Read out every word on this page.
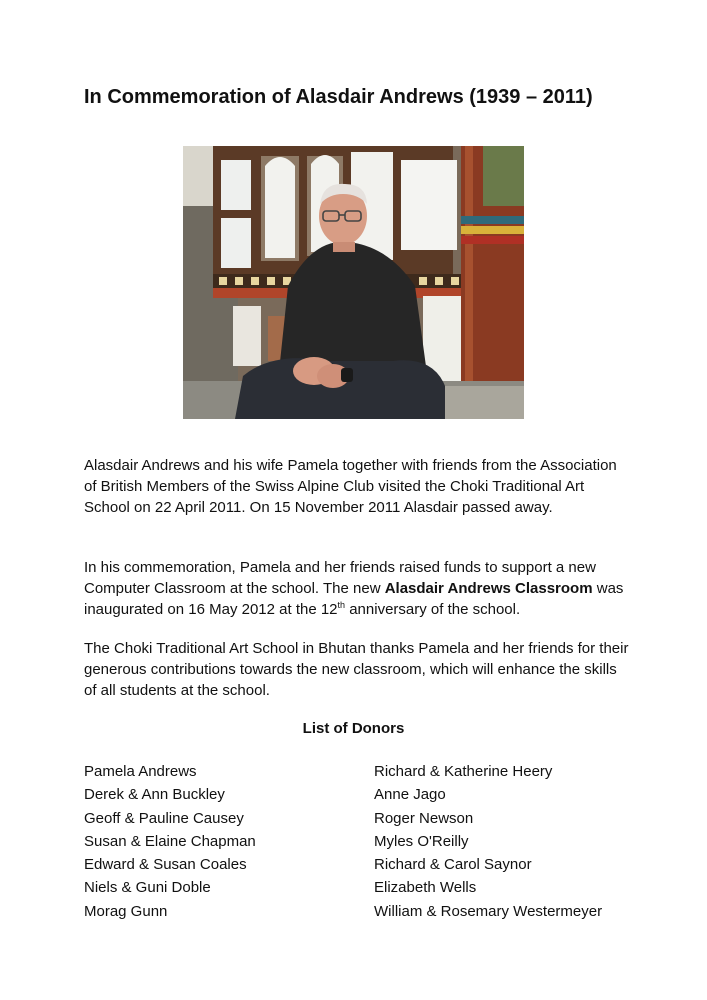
In Commemoration of Alasdair Andrews (1939 – 2011)

Alasdair Andrews and his wife Pamela together with friends from the Association of British Members of the Swiss Alpine Club visited the Choki Traditional Art School on 22 April 2011. On 15 November 2011 Alasdair passed away.

In his commemoration, Pamela and her friends raised funds to support a new Computer Classroom at the school. The new Alasdair Andrews Classroom was inaugurated on 16 May 2012 at the 12th anniversary of the school.

The Choki Traditional Art School in Bhutan thanks Pamela and her friends for their generous contributions towards the new classroom, which will enhance the skills of all students at the school.

List of Donors
Pamela Andrews
Derek & Ann Buckley
Geoff & Pauline Causey
Susan & Elaine Chapman
Edward & Susan Coales
Niels & Guni Doble
Morag Gunn
Richard & Katherine Heery
Anne Jago
Roger Newson
Myles O'Reilly
Richard & Carol Saynor
Elizabeth Wells
William & Rosemary Westermeyer
